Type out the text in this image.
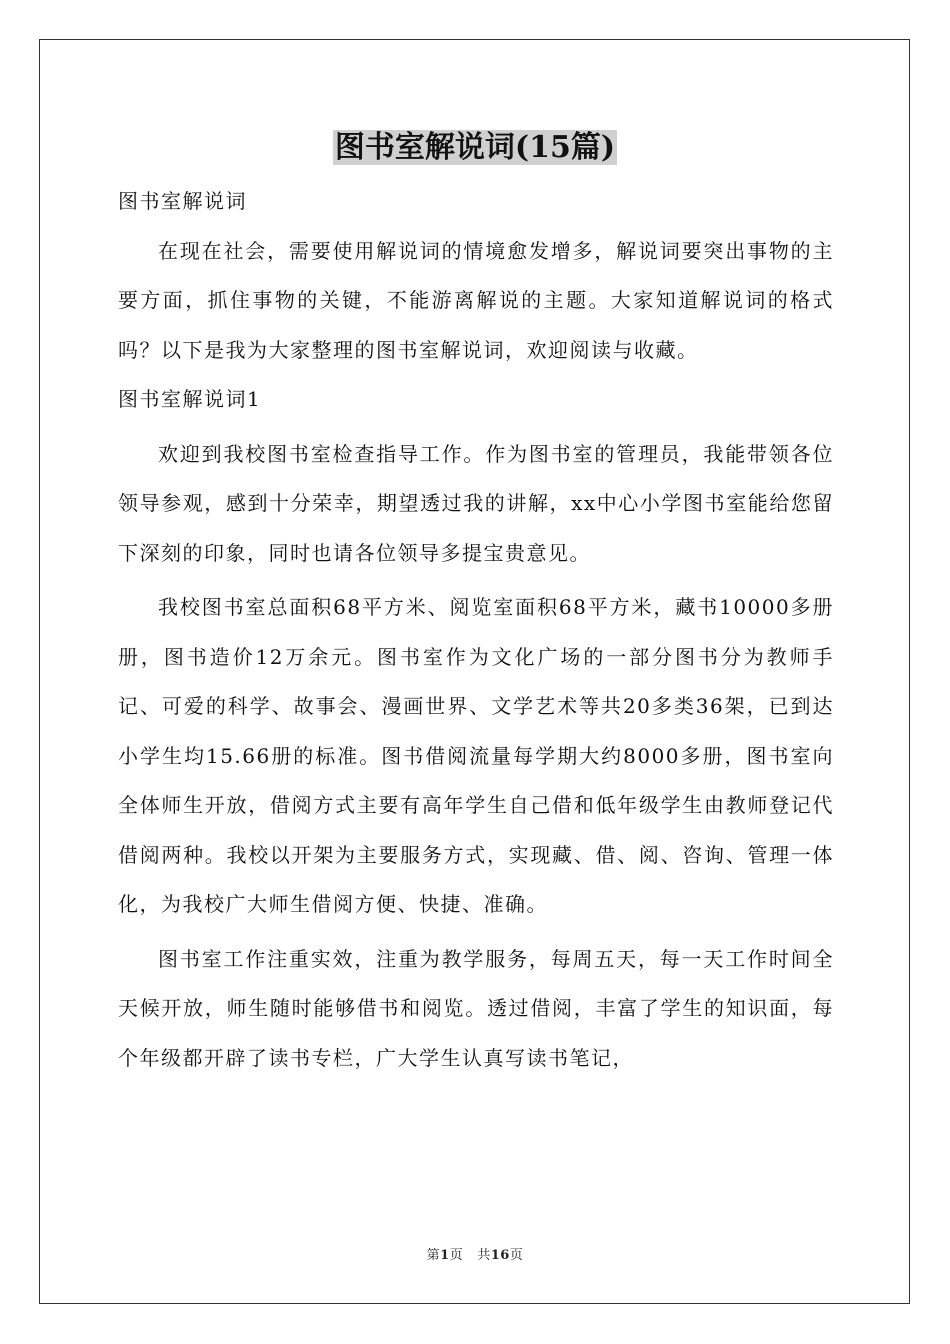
图书室解说词(15篇)

图书室解说词

在现在社会，需要使用解说词的情境愈发增多，解说词要突出事物的主要方面，抓住事物的关键，不能游离解说的主题。大家知道解说词的格式吗？以下是我为大家整理的图书室解说词，欢迎阅读与收藏。

图书室解说词1

欢迎到我校图书室检查指导工作。作为图书室的管理员，我能带领各位领导参观，感到十分荣幸，期望透过我的讲解，xx中心小学图书室能给您留下深刻的印象，同时也请各位领导多提宝贵意见。

我校图书室总面积68平方米、阅览室面积68平方米，藏书10000多册册，图书造价12万余元。图书室作为文化广场的一部分图书分为教师手记、可爱的科学、故事会、漫画世界、文学艺术等共20多类36架，已到达小学生均15.66册的标准。图书借阅流量每学期大约8000多册，图书室向全体师生开放，借阅方式主要有高年学生自己借和低年级学生由教师登记代借阅两种。我校以开架为主要服务方式，实现藏、借、阅、咨询、管理一体化，为我校广大师生借阅方便、快捷、准确。

图书室工作注重实效，注重为教学服务，每周五天，每一天工作时间全天候开放，师生随时能够借书和阅览。透过借阅，丰富了学生的知识面，每个年级都开辟了读书专栏，广大学生认真写读书笔记，

第1页 共16页
